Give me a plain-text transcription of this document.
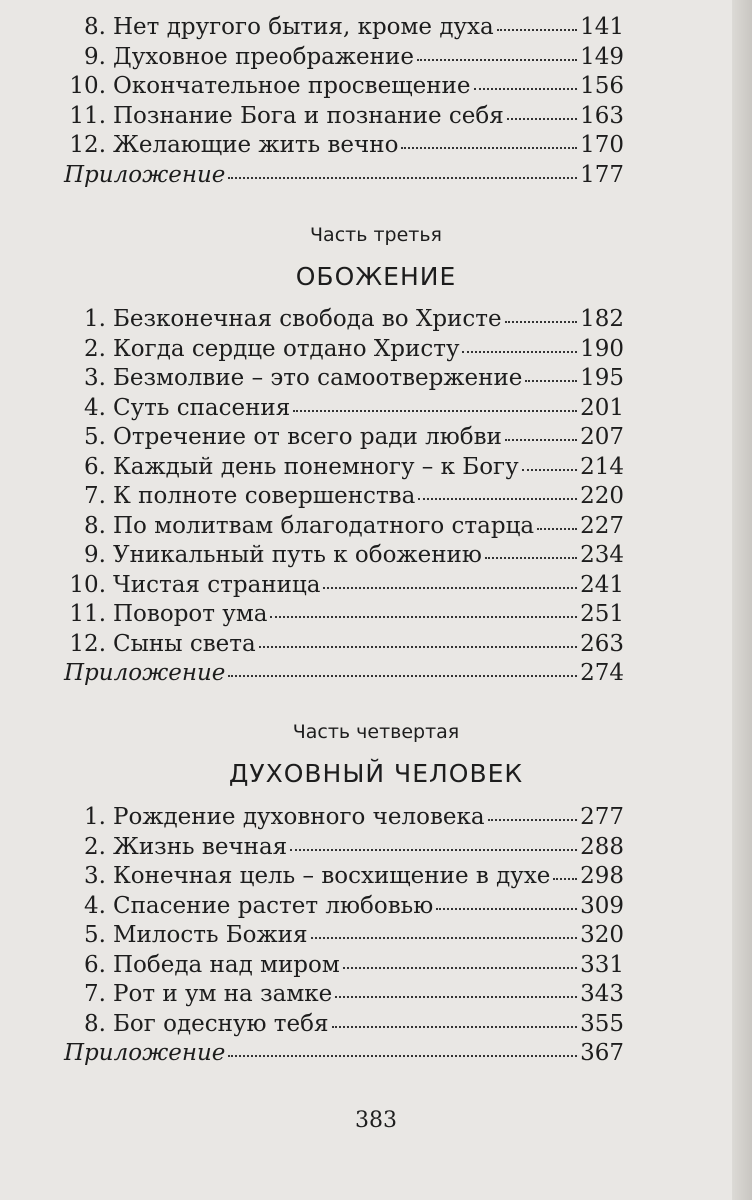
8. Нет другого бытия, кроме духа	141
9. Духовное преображение	149
10. Окончательное просвещение	156
11. Познание Бога и познание себя	163
12. Желающие жить вечно	170
Приложение	177
Часть третья
ОБОЖЕНИЕ
1. Безконечная свобода во Христе	182
2. Когда сердце отдано Христу	190
3. Безмолвие – это самоотвержение	195
4. Суть спасения	201
5. Отречение от всего ради любви	207
6. Каждый день понемногу – к Богу	214
7. К полноте совершенства	220
8. По молитвам благодатного старца 227
9. Уникальный путь к обожению	234
10. Чистая страница	241
11. Поворот ума	251
12. Сыны света	263
Приложение	274
Часть четвертая
ДУХОВНЫЙ ЧЕЛОВЕК
1. Рождение духовного человека	277
2. Жизнь вечная	288
3. Конечная цель – восхищение в духе 298
4. Спасение растет любовью	309
5. Милость Божия	320
6. Победа над миром	331
7. Рот и ум на замке	343
8. Бог одесную тебя	355
Приложение	367
383
